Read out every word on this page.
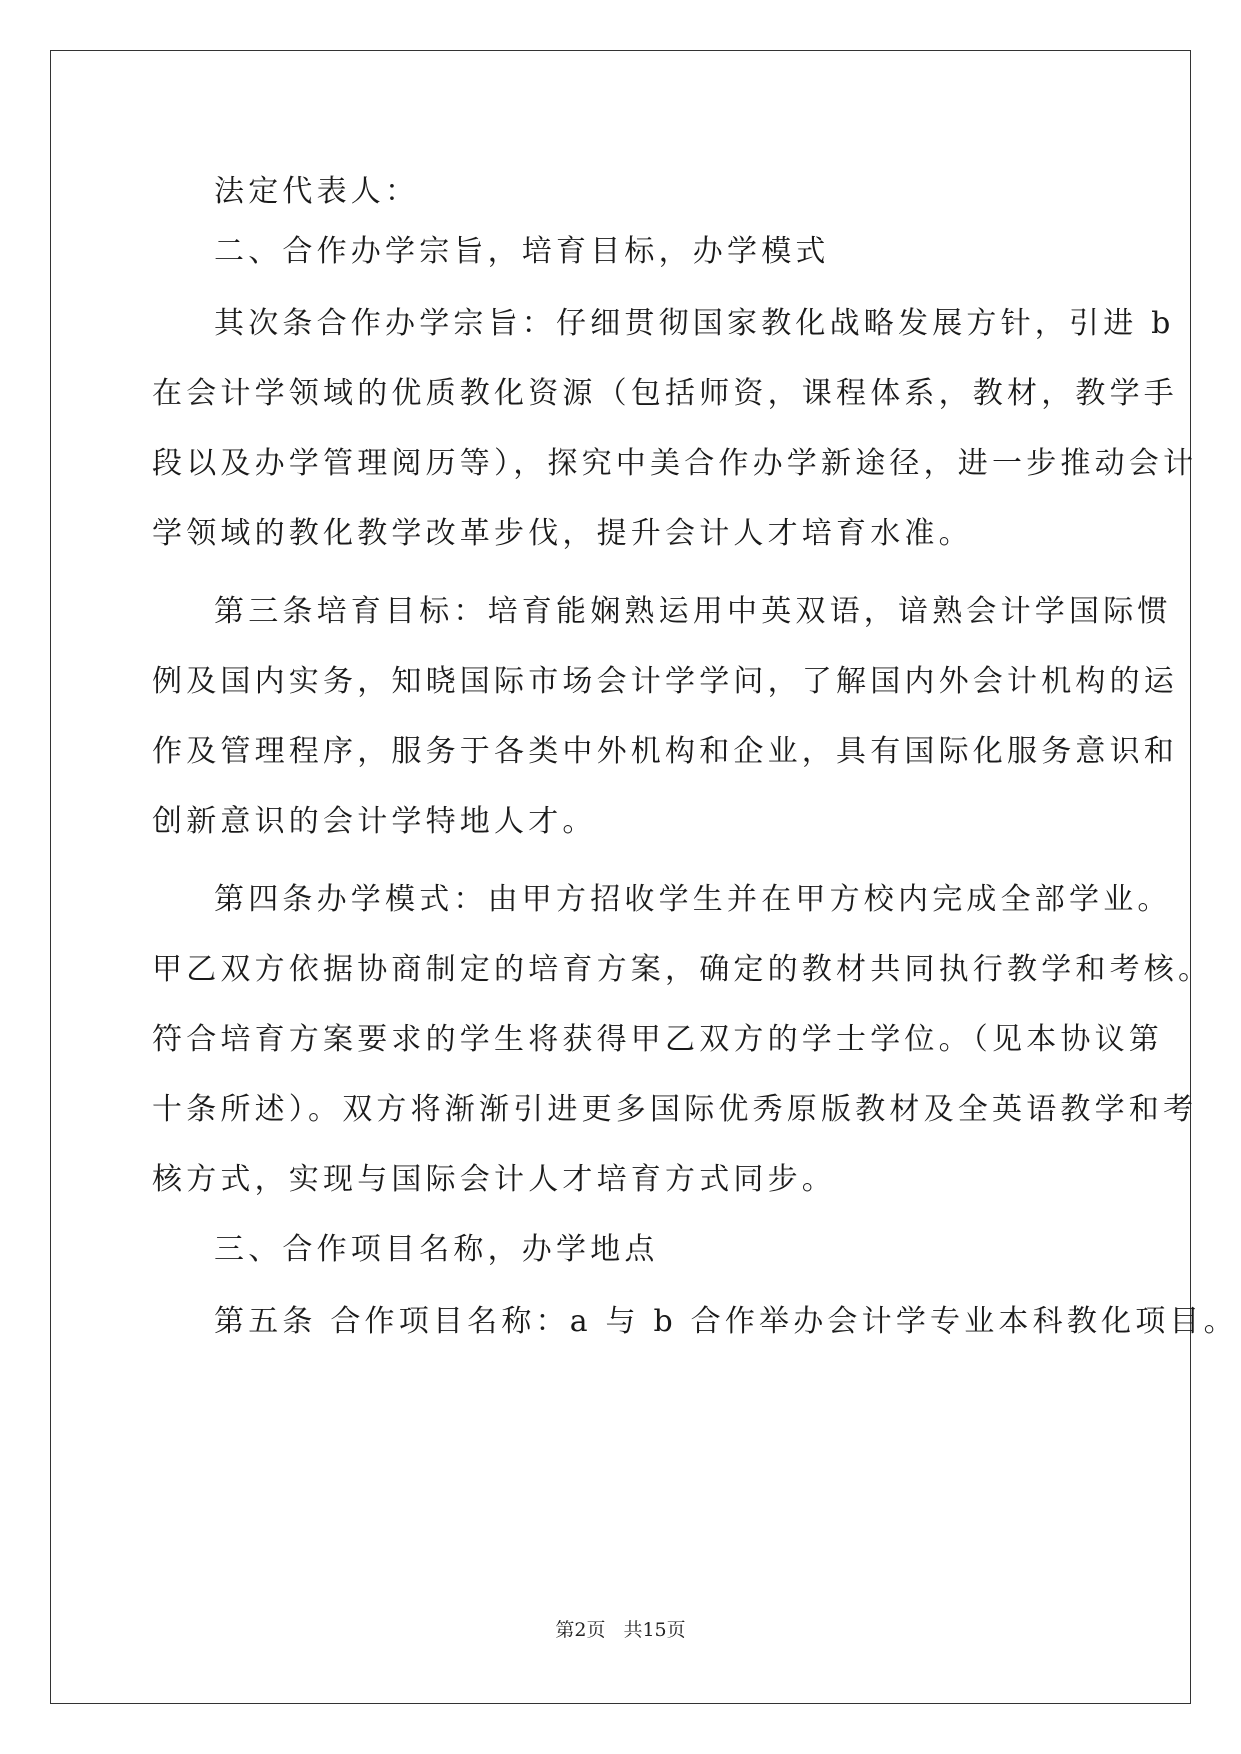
法定代表人：
二、合作办学宗旨，培育目标，办学模式
其次条合作办学宗旨：仔细贯彻国家教化战略发展方针，引进 b
在会计学领域的优质教化资源（包括师资，课程体系，教材，教学手
段以及办学管理阅历等），探究中美合作办学新途径，进一步推动会计
学领域的教化教学改革步伐，提升会计人才培育水准。
第三条培育目标：培育能娴熟运用中英双语，谙熟会计学国际惯
例及国内实务，知晓国际市场会计学学问，了解国内外会计机构的运
作及管理程序，服务于各类中外机构和企业，具有国际化服务意识和
创新意识的会计学特地人才。
第四条办学模式：由甲方招收学生并在甲方校内完成全部学业。
甲乙双方依据协商制定的培育方案，确定的教材共同执行教学和考核。
符合培育方案要求的学生将获得甲乙双方的学士学位。（见本协议第
十条所述）。双方将渐渐引进更多国际优秀原版教材及全英语教学和考
核方式，实现与国际会计人才培育方式同步。
三、合作项目名称，办学地点
第五条 合作项目名称：a 与 b 合作举办会计学专业本科教化项目。
第2页 共15页
